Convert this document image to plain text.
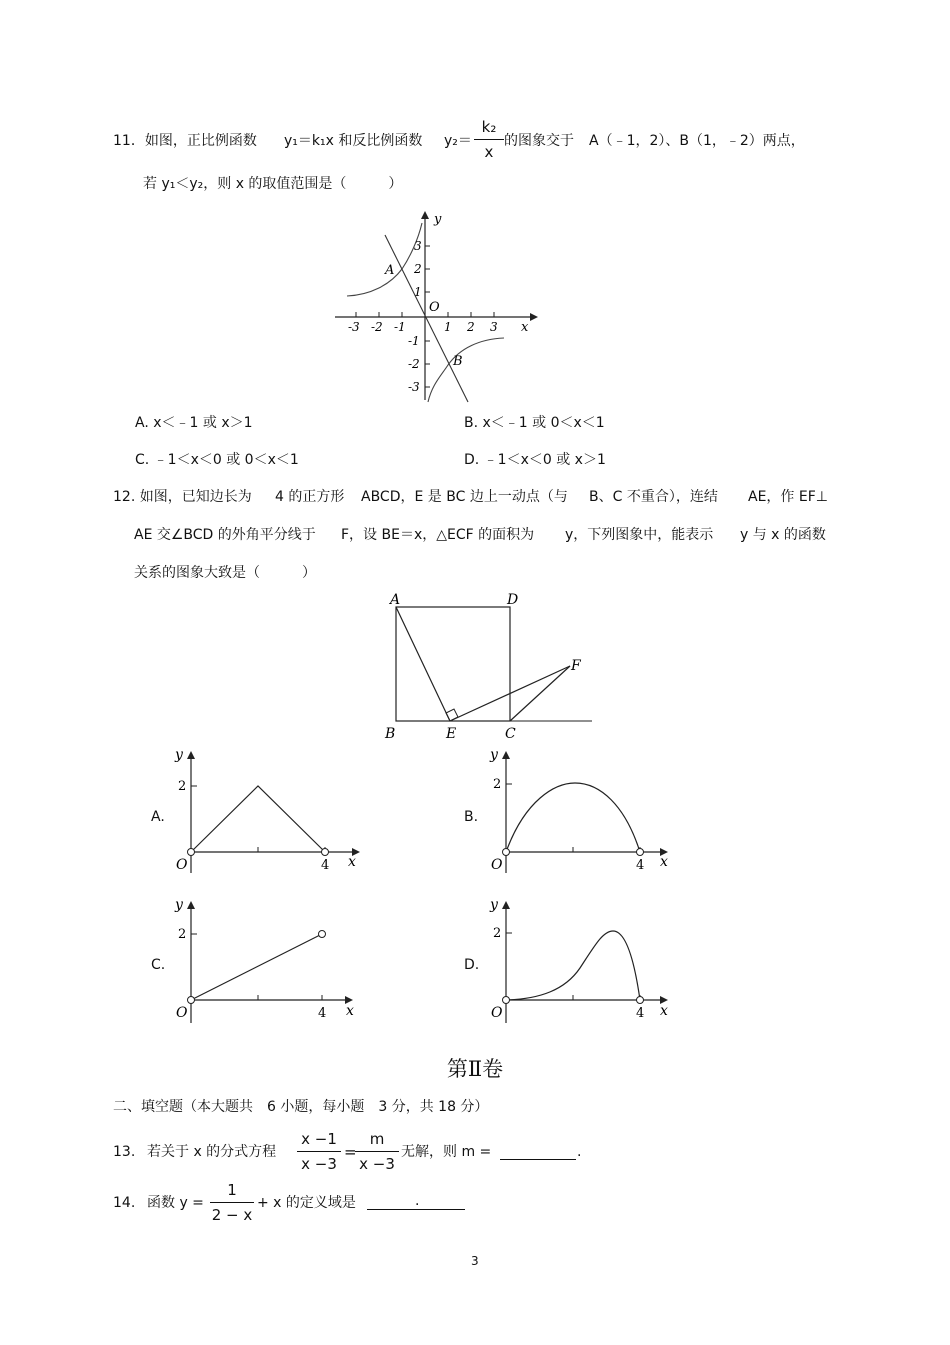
11．如图，正比例函数 y₁＝k₁x 和反比例函数 y₂＝
k₂
x
的图象交于 A（﹣1，2）、B（1，﹣2）两点，
若 y₁＜y₂，则 x 的取值范围是（　　　）
y
x
O
-3 -2 -1	1 2 3
3
2
1
-1
-2
-3
A
B
A. x＜﹣1 或 x＞1	B. x＜﹣1 或 0＜x＜1
C. ﹣1＜x＜0 或 0＜x＜1	D. ﹣1＜x＜0 或 x＞1
12. 如图，已知边长为 4 的正方形 ABCD，E 是 BC 边上一动点（与 B、C 不重合），连结 AE，作 EF⊥
AE 交∠BCD 的外角平分线于 F，设 BE＝x，△ECF 的面积为 y，下列图象中，能表示 y 与 x 的函数
关系的图象大致是（　　　）
A	D
B	E	C
F
A.
y
x
O
2
4
B.
y
x
O
2
4
C.
y
x
O
2
4
D.
y
x
O
2
4
第Ⅱ卷
二、填空题（本大题共　6 小题，每小题　3 分，共 18 分）
13. 若关于 x 的分式方程
x −1
x −3
=
m
x −3
无解，则 m =	.
14. 函数 y =
1
2 − x
+ x 的定义域是	.
3
